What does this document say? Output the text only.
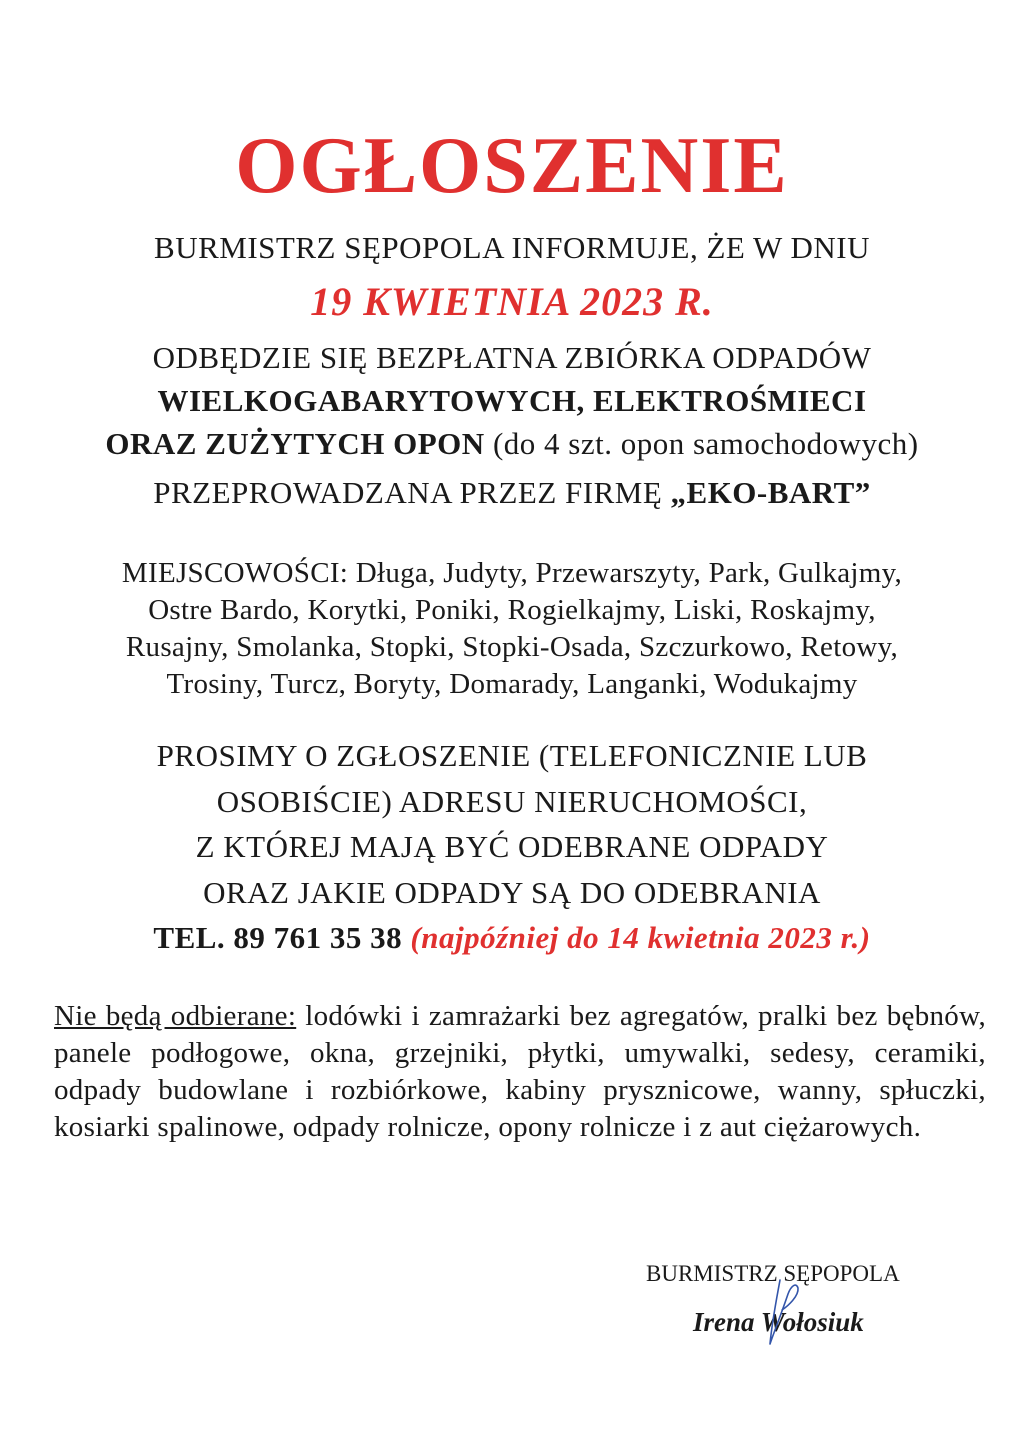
OGŁOSZENIE
BURMISTRZ SĘPOPOLA INFORMUJE, ŻE W DNIU
19 KWIETNIA 2023 R.
ODBĘDZIE SIĘ BEZPŁATNA ZBIÓRKA ODPADÓW
WIELKOGABARYTOWYCH, ELEKTROŚMIECI
ORAZ ZUŻYTYCH OPON (do 4 szt. opon samochodowych)
PRZEPROWADZANA PRZEZ FIRMĘ „EKO-BART”
MIEJSCOWOŚCI: Długa, Judyty, Przewarszyty, Park, Gulkajmy,
Ostre Bardo, Korytki, Poniki, Rogielkajmy, Liski, Roskajmy,
Rusajny, Smolanka, Stopki, Stopki-Osada, Szczurkowo, Retowy,
Trosiny, Turcz, Boryty, Domarady, Langanki, Wodukajmy
PROSIMY O ZGŁOSZENIE (TELEFONICZNIE LUB
OSOBIŚCIE) ADRESU NIERUCHOMOŚCI,
Z KTÓREJ MAJĄ BYĆ ODEBRANE ODPADY
ORAZ JAKIE ODPADY SĄ DO ODEBRANIA
TEL. 89 761 35 38 (najpóźniej do 14 kwietnia 2023 r.)
Nie będą odbierane: lodówki i zamrażarki bez agregatów, pralki bez bębnów, panele podłogowe, okna, grzejniki, płytki, umywalki, sedesy, ceramiki, odpady budowlane i rozbiórkowe, kabiny prysznicowe, wanny, spłuczki, kosiarki spalinowe, odpady rolnicze, opony rolnicze i z aut ciężarowych.
BURMISTRZ SĘPOPOLA
Irena Wołosiuk
